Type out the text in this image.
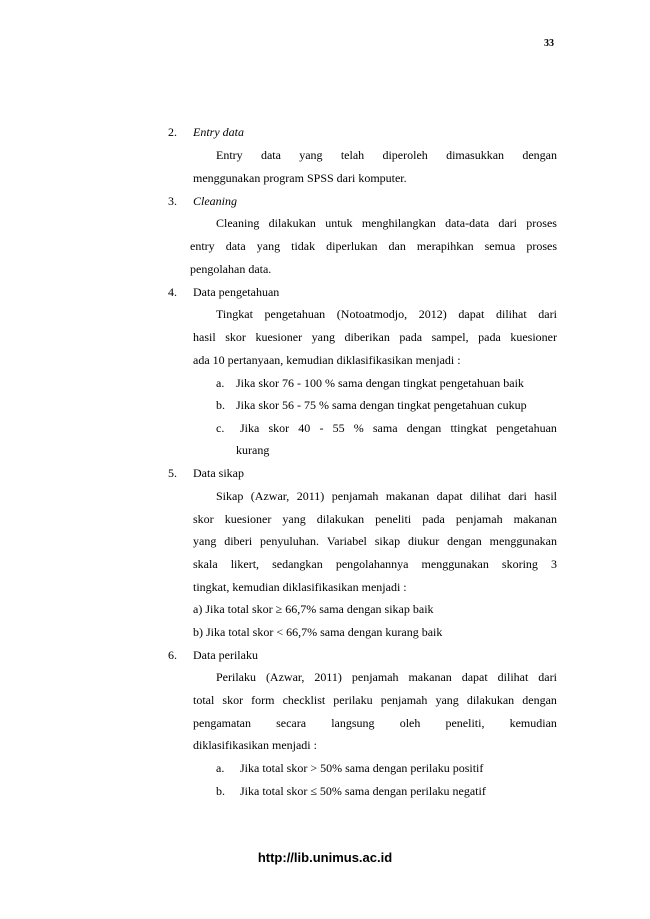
33
2. Entry data
Entry data yang telah diperoleh dimasukkan dengan
menggunakan program SPSS dari komputer.
3. Cleaning
Cleaning dilakukan untuk menghilangkan data-data dari proses
entry data yang tidak diperlukan dan merapihkan semua proses
pengolahan data.
4. Data pengetahuan
Tingkat pengetahuan (Notoatmodjo, 2012) dapat dilihat dari
hasil skor kuesioner yang diberikan pada sampel, pada kuesioner
ada 10 pertanyaan, kemudian diklasifikasikan menjadi :
a. Jika skor 76 - 100 % sama dengan tingkat pengetahuan baik
b. Jika skor 56 - 75 % sama dengan tingkat pengetahuan cukup
c. Jika skor 40 - 55 % sama dengan ttingkat pengetahuan
kurang
5. Data sikap
Sikap (Azwar, 2011) penjamah makanan dapat dilihat dari hasil
skor kuesioner yang dilakukan peneliti pada penjamah makanan
yang diberi penyuluhan. Variabel sikap diukur dengan menggunakan
skala likert, sedangkan pengolahannya menggunakan skoring 3
tingkat, kemudian diklasifikasikan menjadi :
a) Jika total skor ≥ 66,7% sama dengan sikap baik
b) Jika total skor < 66,7% sama dengan kurang baik
6. Data perilaku
Perilaku (Azwar, 2011) penjamah makanan dapat dilihat dari
total skor form checklist perilaku penjamah yang dilakukan dengan
pengamatan secara langsung oleh peneliti, kemudian
diklasifikasikan menjadi :
a. Jika total skor > 50% sama dengan perilaku positif
b. Jika total skor ≤ 50% sama dengan perilaku negatif
http://lib.unimus.ac.id
